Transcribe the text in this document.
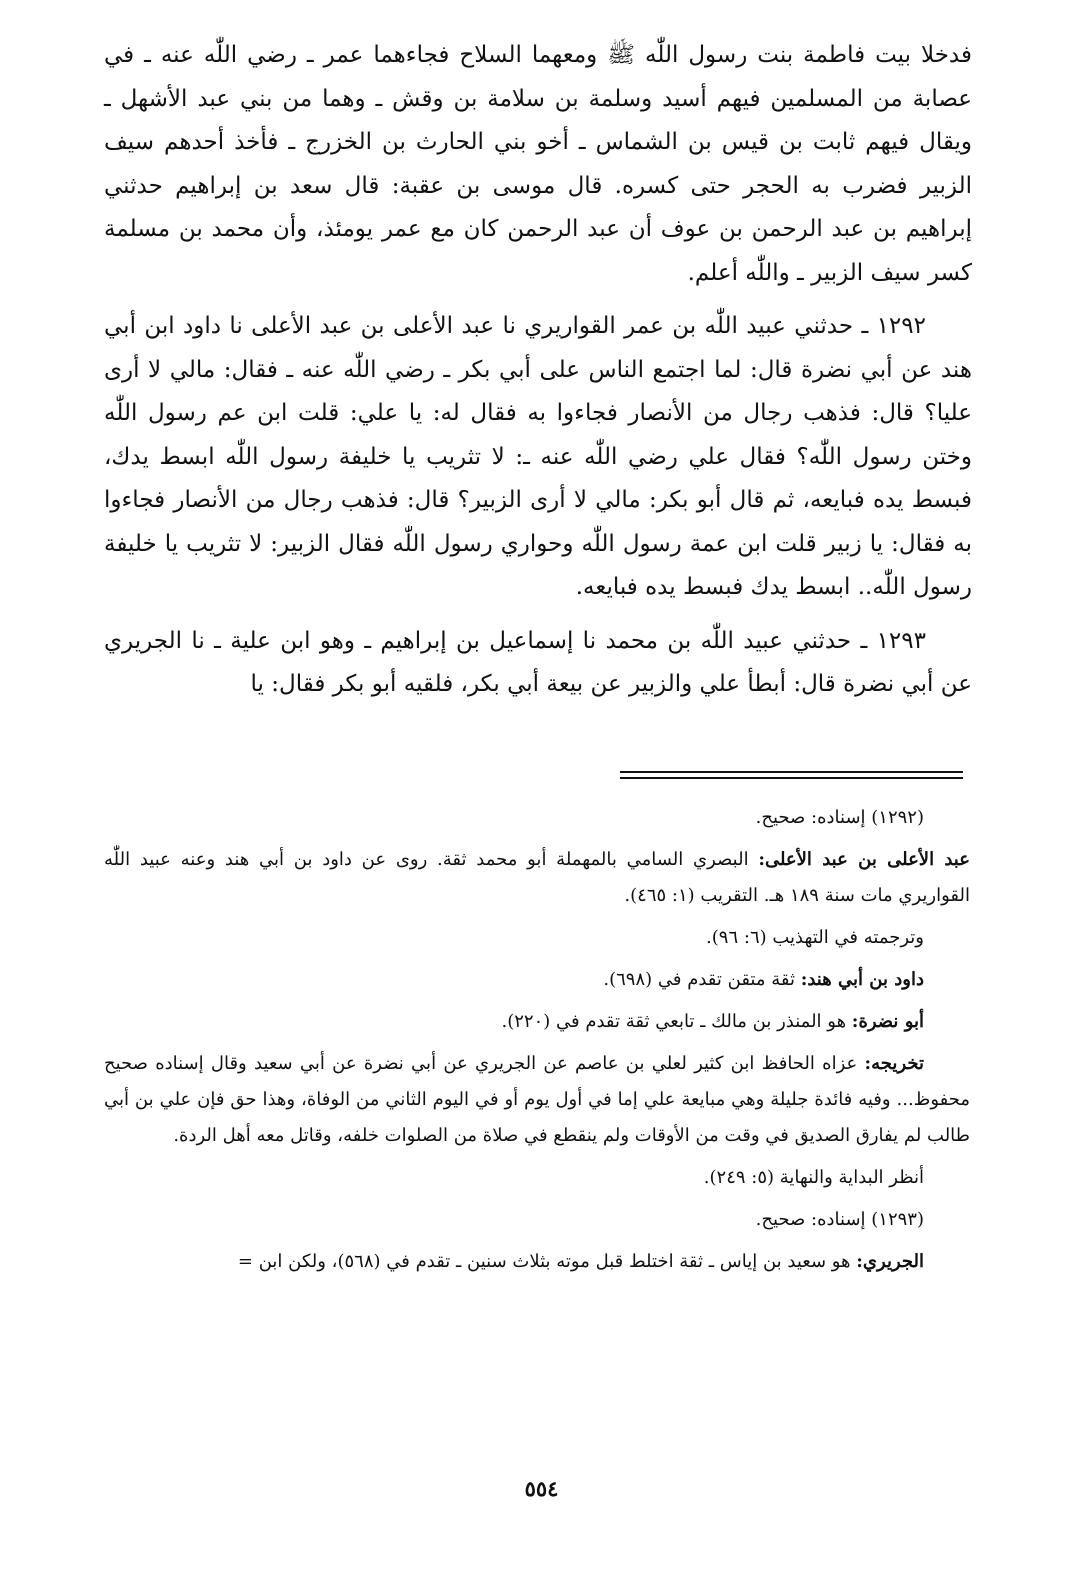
فدخلا بيت فاطمة بنت رسول اللّٰه ﷺ ومعهما السلاح فجاءهما عمر ـ رضي اللّٰه عنه ـ في عصابة من المسلمين فيهم أسيد وسلمة بن سلامة بن وقش ـ وهما من بني عبد الأشهل ـ ويقال فيهم ثابت بن قيس بن الشماس ـ أخو بني الحارث بن الخزرج ـ فأخذ أحدهم سيف الزبير فضرب به الحجر حتى كسره. قال موسى بن عقبة: قال سعد بن إبراهيم حدثني إبراهيم بن عبد الرحمن بن عوف أن عبد الرحمن كان مع عمر يومئذ، وأن محمد بن مسلمة كسر سيف الزبير ـ واللّٰه أعلم.

١٢٩٢ ـ حدثني عبيد اللّٰه بن عمر القواريري نا عبد الأعلى بن عبد الأعلى نا داود ابن أبي هند عن أبي نضرة قال: لما اجتمع الناس على أبي بكر ـ رضي اللّٰه عنه ـ فقال: مالي لا أرى عليا؟ قال: فذهب رجال من الأنصار فجاءوا به فقال له: يا علي: قلت ابن عم رسول اللّٰه وختن رسول اللّٰه؟ فقال علي رضي اللّٰه عنه ـ: لا تثريب يا خليفة رسول اللّٰه ابسط يدك، فبسط يده فبايعه، ثم قال أبو بكر: مالي لا أرى الزبير؟ قال: فذهب رجال من الأنصار فجاءوا به فقال: يا زبير قلت ابن عمة رسول اللّٰه وحواري رسول اللّٰه فقال الزبير: لا تثريب يا خليفة رسول اللّٰه.. ابسط يدك فبسط يده فبايعه.

١٢٩٣ ـ حدثني عبيد اللّٰه بن محمد نا إسماعيل بن إبراهيم ـ وهو ابن علية ـ نا الجريري عن أبي نضرة قال: أبطأ علي والزبير عن بيعة أبي بكر، فلقيه أبو بكر فقال: يا

(١٢٩٢) إسناده: صحيح.

عبد الأعلى بن عبد الأعلى: البصري السامي بالمهملة أبو محمد ثقة. روى عن داود بن أبي هند وعنه عبيد اللّٰه القواريري مات سنة ١٨٩ هـ. التقريب (١: ٤٦٥).

وترجمته في التهذيب (٦: ٩٦).

داود بن أبي هند: ثقة متقن تقدم في (٦٩٨).

أبو نضرة: هو المنذر بن مالك ـ تابعي ثقة تقدم في (٢٢٠).

تخريجه: عزاه الحافظ ابن كثير لعلي بن عاصم عن الجريري عن أبي نضرة عن أبي سعيد وقال إسناده صحيح محفوظ... وفيه فائدة جليلة وهي مبايعة علي إما في أول يوم أو في اليوم الثاني من الوفاة، وهذا حق فإن علي بن أبي طالب لم يفارق الصديق في وقت من الأوقات ولم ينقطع في صلاة من الصلوات خلفه، وقاتل معه أهل الردة.

أنظر البداية والنهاية (٥: ٢٤٩).

(١٢٩٣) إسناده: صحيح.

الجريري: هو سعيد بن إياس ـ ثقة اختلط قبل موته بثلاث سنين ـ تقدم في (٥٦٨)، ولكن ابن =

٥٥٤
